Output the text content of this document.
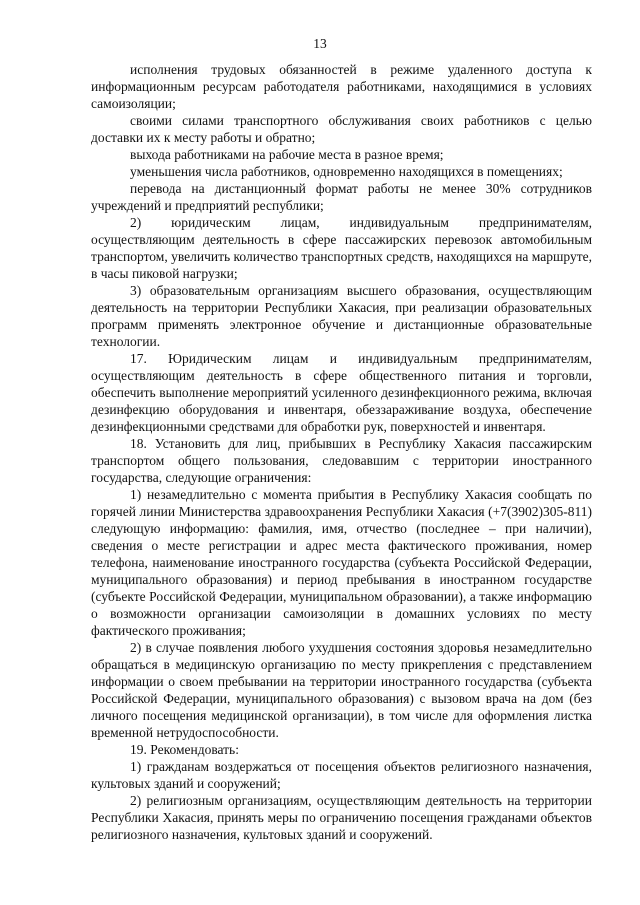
13

исполнения трудовых обязанностей в режиме удаленного доступа к информационным ресурсам работодателя работниками, находящимися в условиях самоизоляции;

своими силами транспортного обслуживания своих работников с целью доставки их к месту работы и обратно;

выхода работниками на рабочие места в разное время;

уменьшения числа работников, одновременно находящихся в помещениях;

перевода на дистанционный формат работы не менее 30% сотрудников учреждений и предприятий республики;

2) юридическим лицам, индивидуальным предпринимателям, осуществляющим деятельность в сфере пассажирских перевозок автомобильным транспортом, увеличить количество транспортных средств, находящихся на маршруте, в часы пиковой нагрузки;

3) образовательным организациям высшего образования, осуществляющим деятельность на территории Республики Хакасия, при реализации образовательных программ применять электронное обучение и дистанционные образовательные технологии.

17. Юридическим лицам и индивидуальным предпринимателям, осуществляющим деятельность в сфере общественного питания и торговли, обеспечить выполнение мероприятий усиленного дезинфекционного режима, включая дезинфекцию оборудования и инвентаря, обеззараживание воздуха, обеспечение дезинфекционными средствами для обработки рук, поверхностей и инвентаря.

18. Установить для лиц, прибывших в Республику Хакасия пассажирским транспортом общего пользования, следовавшим с территории иностранного государства, следующие ограничения:

1) незамедлительно с момента прибытия в Республику Хакасия сообщать по горячей линии Министерства здравоохранения Республики Хакасия (+7(3902)305-811) следующую информацию: фамилия, имя, отчество (последнее – при наличии), сведения о месте регистрации и адрес места фактического проживания, номер телефона, наименование иностранного государства (субъекта Российской Федерации, муниципального образования) и период пребывания в иностранном государстве (субъекте Российской Федерации, муниципальном образовании), а также информацию о возможности организации самоизоляции в домашних условиях по месту фактического проживания;

2) в случае появления любого ухудшения состояния здоровья незамедлительно обращаться в медицинскую организацию по месту прикрепления с представлением информации о своем пребывании на территории иностранного государства (субъекта Российской Федерации, муниципального образования) с вызовом врача на дом (без личного посещения медицинской организации), в том числе для оформления листка временной нетрудоспособности.

19. Рекомендовать:

1) гражданам воздержаться от посещения объектов религиозного назначения, культовых зданий и сооружений;

2) религиозным организациям, осуществляющим деятельность на территории Республики Хакасия, принять меры по ограничению посещения гражданами объектов религиозного назначения, культовых зданий и сооружений.
